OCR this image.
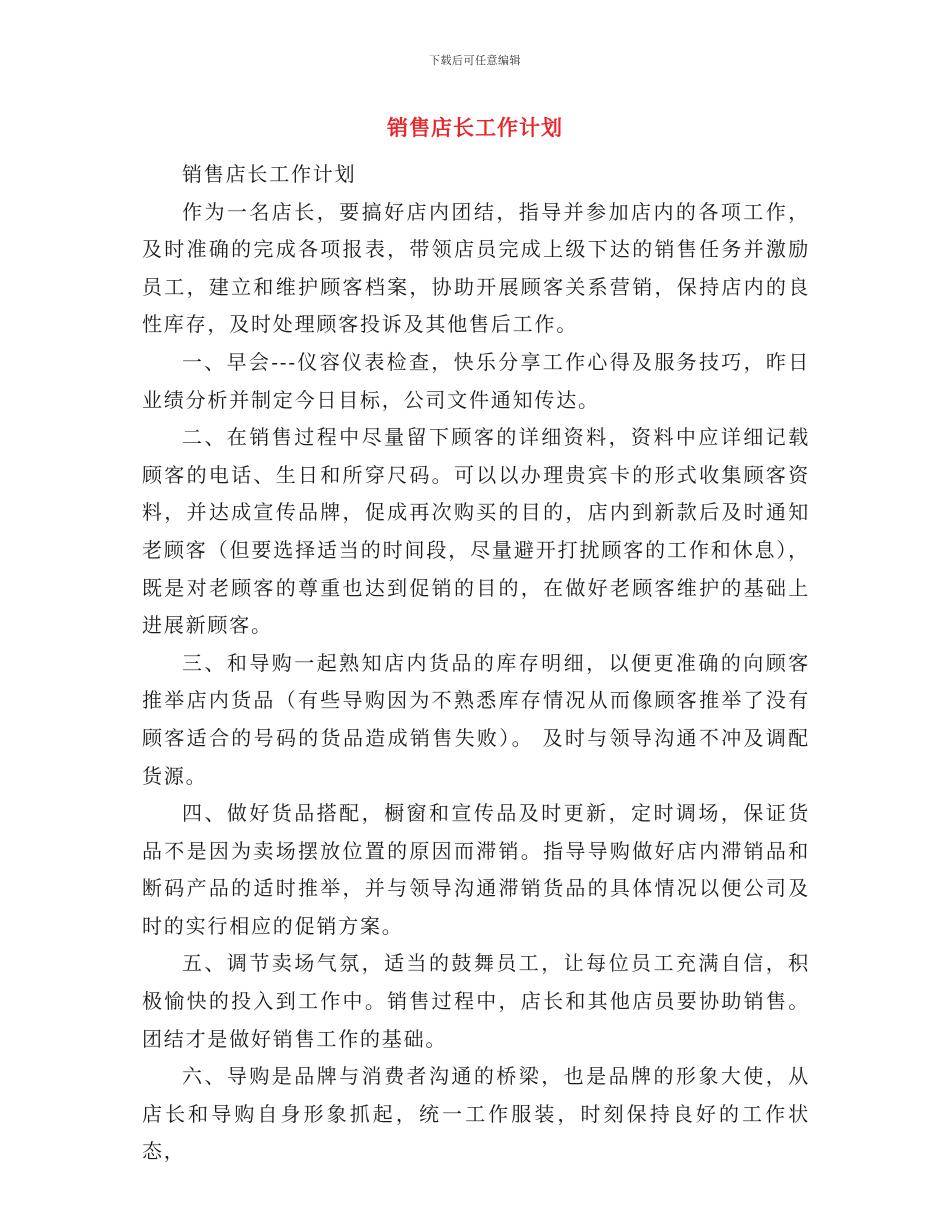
下载后可任意编辑
销售店长工作计划

销售店长工作计划

作为一名店长，要搞好店内团结，指导并参加店内的各项工作，及时准确的完成各项报表，带领店员完成上级下达的销售任务并激励员工，建立和维护顾客档案，协助开展顾客关系营销，保持店内的良性库存，及时处理顾客投诉及其他售后工作。

一、早会---仪容仪表检查，快乐分享工作心得及服务技巧，昨日业绩分析并制定今日目标，公司文件通知传达。

二、在销售过程中尽量留下顾客的详细资料，资料中应详细记载顾客的电话、生日和所穿尺码。可以以办理贵宾卡的形式收集顾客资料，并达成宣传品牌，促成再次购买的目的，店内到新款后及时通知老顾客（但要选择适当的时间段，尽量避开打扰顾客的工作和休息），既是对老顾客的尊重也达到促销的目的，在做好老顾客维护的基础上进展新顾客。

三、和导购一起熟知店内货品的库存明细，以便更准确的向顾客推举店内货品（有些导购因为不熟悉库存情况从而像顾客推举了没有顾客适合的号码的货品造成销售失败）。 及时与领导沟通不冲及调配货源。

四、做好货品搭配，橱窗和宣传品及时更新，定时调场，保证货品不是因为卖场摆放位置的原因而滞销。指导导购做好店内滞销品和断码产品的适时推举，并与领导沟通滞销货品的具体情况以便公司及时的实行相应的促销方案。

五、调节卖场气氛，适当的鼓舞员工，让每位员工充满自信，积极愉快的投入到工作中。销售过程中，店长和其他店员要协助销售。团结才是做好销售工作的基础。

六、导购是品牌与消费者沟通的桥梁，也是品牌的形象大使，从店长和导购自身形象抓起，统一工作服装，时刻保持良好的工作状态，
